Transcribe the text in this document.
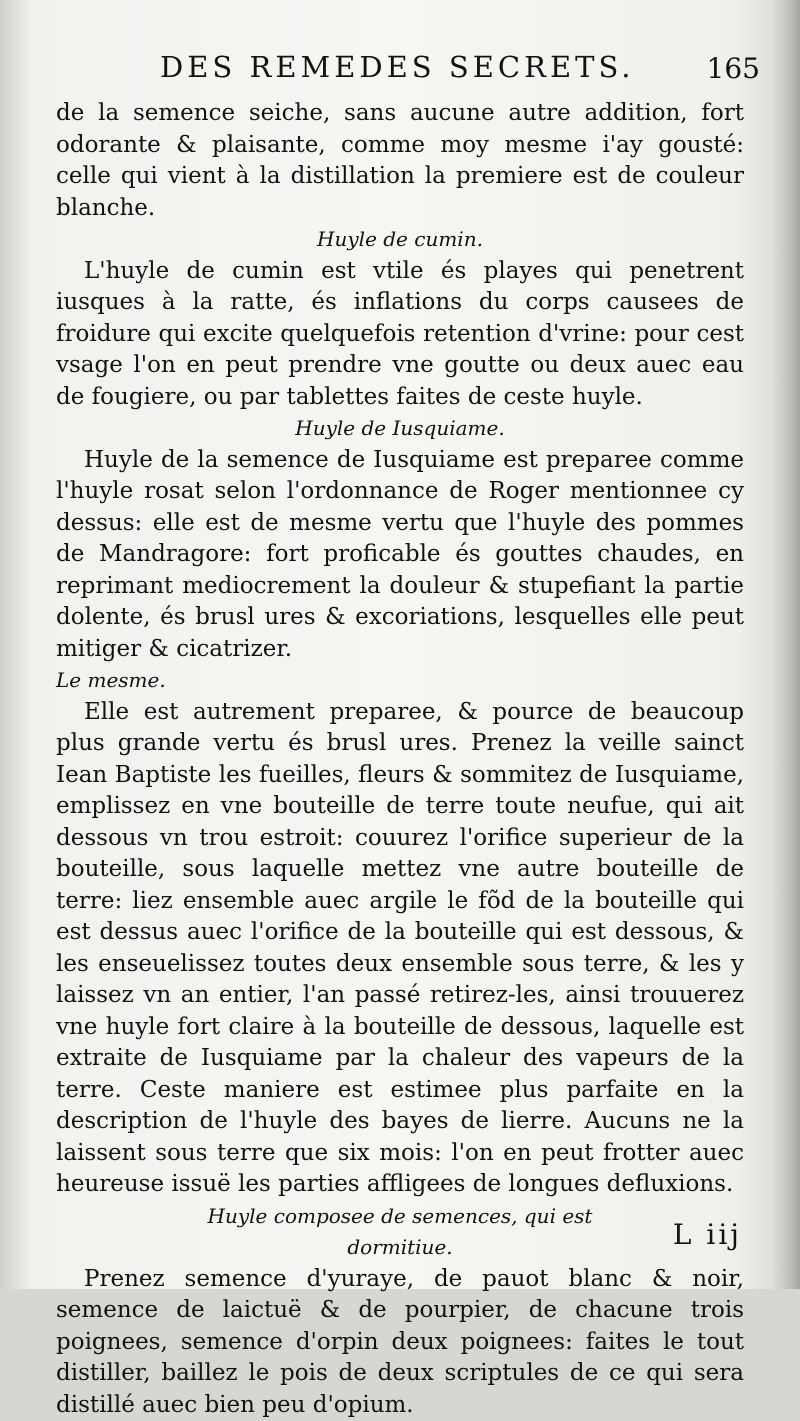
DES REMEDES SECRETS.	165

de la semence seiche, sans aucune autre addition, fort odorante & plaisante, comme moy mesme i'ay gousté: celle qui vient à la distillation la premiere est de couleur blanche.

Huyle de cumin.

L'huyle de cumin est vtile és playes qui penetrent iusques à la ratte, és inflations du corps causees de froidure qui excite quelquefois retention d'vrine: pour cest vsage l'on en peut prendre vne goutte ou deux auec eau de fougiere, ou par tablettes faites de ceste huyle.

Huyle de Iusquiame.

Huyle de la semence de Iusquiame est preparee comme l'huyle rosat selon l'ordonnance de Roger mentionnee cy dessus: elle est de mesme vertu que l'huyle des pommes de Mandragore: fort proficable és gouttes chaudes, en reprimant mediocrement la douleur & stupefiant la partie dolente, és brusl ures & excoriations, lesquelles elle peut mitiger & cicatrizer.

Le mesme.

Elle est autrement preparee, & pource de beaucoup plus grande vertu és brusl ures. Prenez la veille sainct Iean Baptiste les fueilles, fleurs & sommitez de Iusquiame, emplissez en vne bouteille de terre toute neufue, qui ait dessous vn trou estroit: couurez l'orifice superieur de la bouteille, sous laquelle mettez vne autre bouteille de terre: liez ensemble auec argile le fõd de la bouteille qui est dessus auec l'orifice de la bouteille qui est dessous, & les enseuelissez toutes deux ensemble sous terre, & les y laissez vn an entier, l'an passé retirez-les, ainsi trouuerez vne huyle fort claire à la bouteille de dessous, laquelle est extraite de Iusquiame par la chaleur des vapeurs de la terre. Ceste maniere est estimee plus parfaite en la description de l'huyle des bayes de lierre. Aucuns ne la laissent sous terre que six mois: l'on en peut frotter auec heureuse issuë les parties affligees de longues defluxions.

Huyle composee de semences, qui est

dormitiue.

Prenez semence d'yuraye, de pauot blanc & noir, semence de laictuë & de pourpier, de chacune trois poignees, semence d'orpin deux poignees: faites le tout distiller, baillez le pois de deux scriptules de ce qui sera distillé auec bien peu d'opium.

L iij
